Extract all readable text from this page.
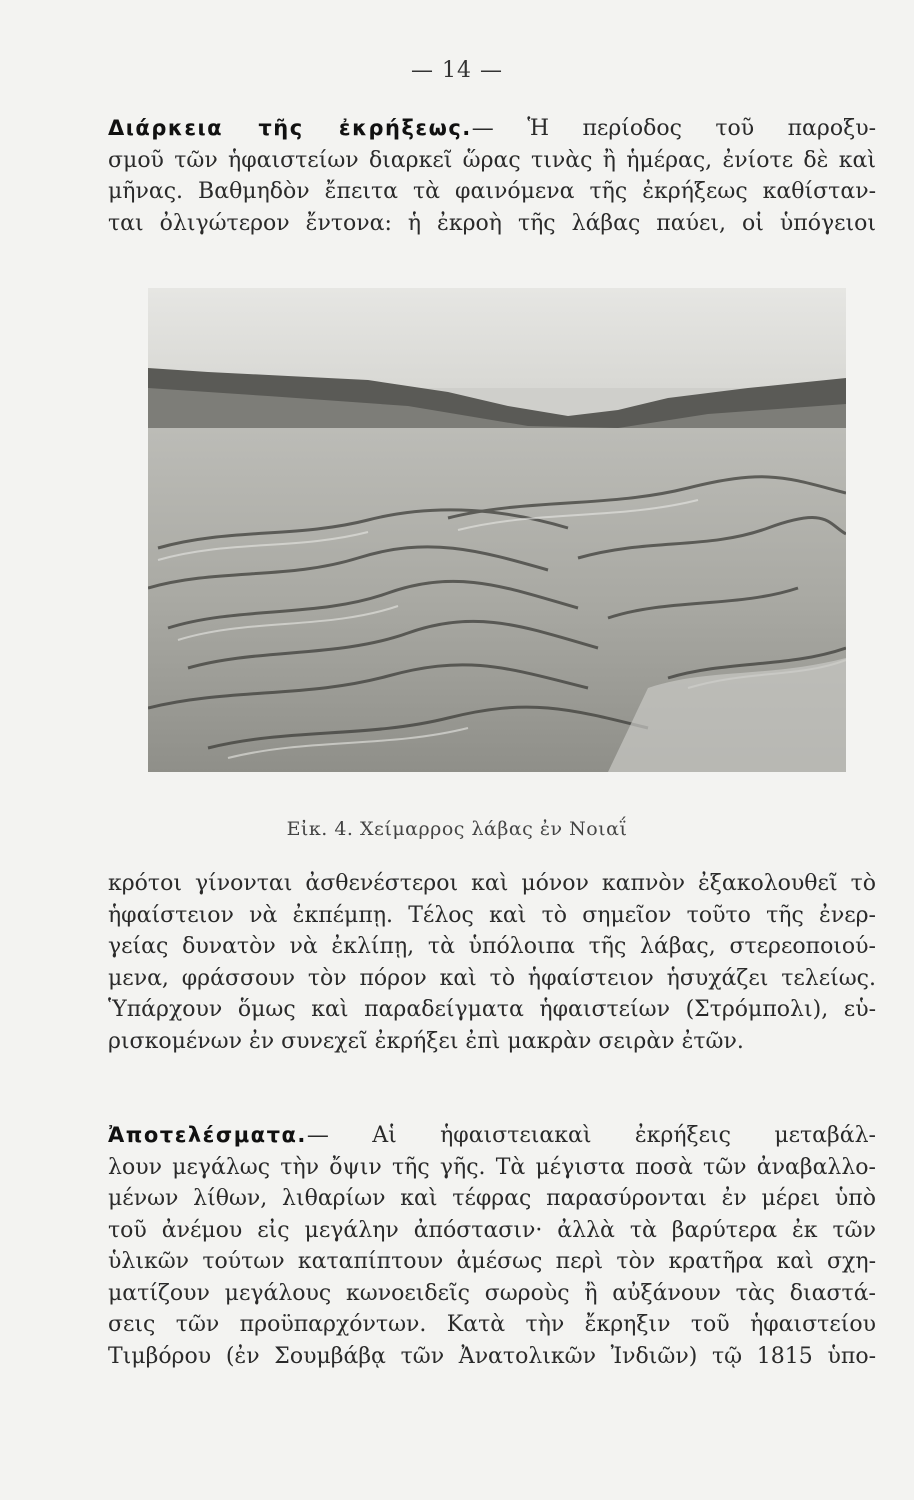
— 14 —
Διάρκεια τῆς ἐκρήξεως.— Ἡ περίοδος τοῦ παροξυ-
σμοῦ τῶν ἡφαιστείων διαρκεῖ ὥρας τινὰς ἢ ἡμέρας, ἐνίοτε δὲ καὶ
μῆνας. Βαθμηδὸν ἔπειτα τὰ φαινόμενα τῆς ἐκρήξεως καθίσταν-
ται ὀλιγώτερον ἔντονα: ἡ ἐκροὴ τῆς λάβας παύει, οἱ ὑπόγειοι
Εἰκ. 4. Χείμαρρος λάβας ἐν Νοιαΐ
κρότοι γίνονται ἀσθενέστεροι καὶ μόνον καπνὸν ἐξακολουθεῖ τὸ
ἡφαίστειον νὰ ἐκπέμπῃ. Τέλος καὶ τὸ σημεῖον τοῦτο τῆς ἐνερ-
γείας δυνατὸν νὰ ἐκλίπῃ, τὰ ὑπόλοιπα τῆς λάβας, στερεοποιού-
μενα, φράσσουν τὸν πόρον καὶ τὸ ἡφαίστειον ἡσυχάζει τελείως.
Ὑπάρχουν ὅμως καὶ παραδείγματα ἡφαιστείων (Στρόμπολι), εὑ-
ρισκομένων ἐν συνεχεῖ ἐκρήξει ἐπὶ μακρὰν σειρὰν ἐτῶν.
Ἀποτελέσματα.— Αἱ ἡφαιστειακαὶ ἐκρήξεις μεταβάλ-
λουν μεγάλως τὴν ὄψιν τῆς γῆς. Τὰ μέγιστα ποσὰ τῶν ἀναβαλλο-
μένων λίθων, λιθαρίων καὶ τέφρας παρασύρονται ἐν μέρει ὑπὸ
τοῦ ἀνέμου εἰς μεγάλην ἀπόστασιν· ἀλλὰ τὰ βαρύτερα ἐκ τῶν
ὑλικῶν τούτων καταπίπτουν ἀμέσως περὶ τὸν κρατῆρα καὶ σχη-
ματίζουν μεγάλους κωνοειδεῖς σωροὺς ἢ αὐξάνουν τὰς διαστά-
σεις τῶν προϋπαρχόντων. Κατὰ τὴν ἔκρηξιν τοῦ ἡφαιστείου
Τιμβόρου (ἐν Σουμβάβᾳ τῶν Ἀνατολικῶν Ἰνδιῶν) τῷ 1815 ὑπο-
